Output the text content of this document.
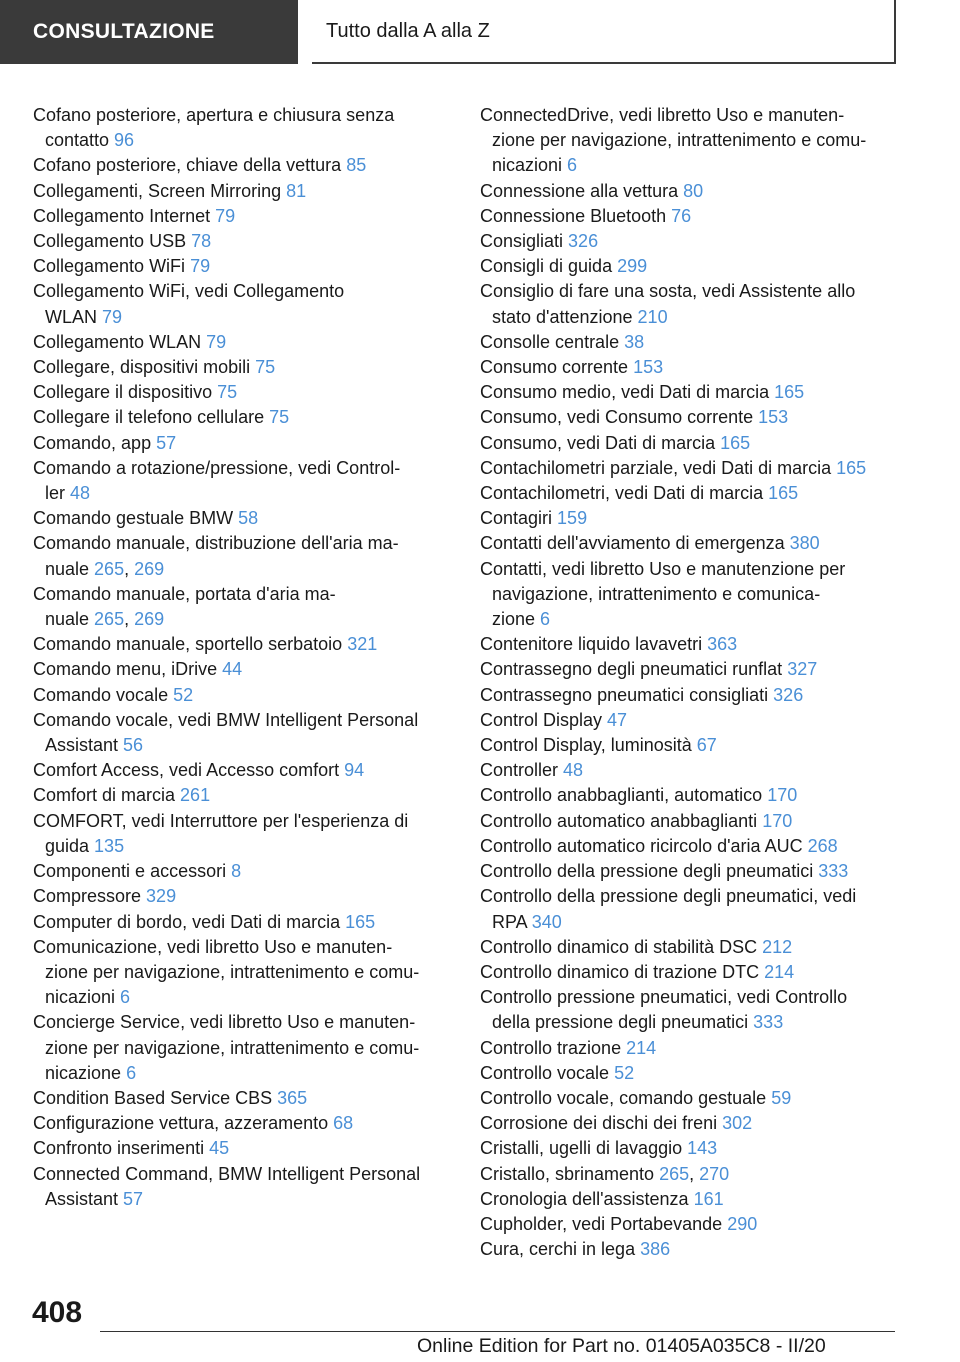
CONSULTAZIONE	Tutto dalla A alla Z
Cofano posteriore, apertura e chiusura senza
contatto 96
Cofano posteriore, chiave della vettura 85
Collegamenti, Screen Mirroring 81
Collegamento Internet 79
Collegamento USB 78
Collegamento WiFi 79
Collegamento WiFi, vedi Collegamento
WLAN 79
Collegamento WLAN 79
Collegare, dispositivi mobili 75
Collegare il dispositivo 75
Collegare il telefono cellulare 75
Comando, app 57
Comando a rotazione/pressione, vedi Control‐
ler 48
Comando gestuale BMW 58
Comando manuale, distribuzione dell'aria ma‐
nuale 265, 269
Comando manuale, portata d'aria ma‐
nuale 265, 269
Comando manuale, sportello serbatoio 321
Comando menu, iDrive 44
Comando vocale 52
Comando vocale, vedi BMW Intelligent Personal
Assistant 56
Comfort Access, vedi Accesso comfort 94
Comfort di marcia 261
COMFORT, vedi Interruttore per l'esperienza di
guida 135
Componenti e accessori 8
Compressore 329
Computer di bordo, vedi Dati di marcia 165
Comunicazione, vedi libretto Uso e manuten‐
zione per navigazione, intrattenimento e comu‐
nicazioni 6
Concierge Service, vedi libretto Uso e manuten‐
zione per navigazione, intrattenimento e comu‐
nicazione 6
Condition Based Service CBS 365
Configurazione vettura, azzeramento 68
Confronto inserimenti 45
Connected Command, BMW Intelligent Personal
Assistant 57
ConnectedDrive, vedi libretto Uso e manuten‐
zione per navigazione, intrattenimento e comu‐
nicazioni 6
Connessione alla vettura 80
Connessione Bluetooth 76
Consigliati 326
Consigli di guida 299
Consiglio di fare una sosta, vedi Assistente allo
stato d'attenzione 210
Consolle centrale 38
Consumo corrente 153
Consumo medio, vedi Dati di marcia 165
Consumo, vedi Consumo corrente 153
Consumo, vedi Dati di marcia 165
Contachilometri parziale, vedi Dati di marcia 165
Contachilometri, vedi Dati di marcia 165
Contagiri 159
Contatti dell'avviamento di emergenza 380
Contatti, vedi libretto Uso e manutenzione per
navigazione, intrattenimento e comunica‐
zione 6
Contenitore liquido lavavetri 363
Contrassegno degli pneumatici runflat 327
Contrassegno pneumatici consigliati 326
Control Display 47
Control Display, luminosità 67
Controller 48
Controllo anabbaglianti, automatico 170
Controllo automatico anabbaglianti 170
Controllo automatico ricircolo d'aria AUC 268
Controllo della pressione degli pneumatici 333
Controllo della pressione degli pneumatici, vedi
RPA 340
Controllo dinamico di stabilità DSC 212
Controllo dinamico di trazione DTC 214
Controllo pressione pneumatici, vedi Controllo
della pressione degli pneumatici 333
Controllo trazione 214
Controllo vocale 52
Controllo vocale, comando gestuale 59
Corrosione dei dischi dei freni 302
Cristalli, ugelli di lavaggio 143
Cristallo, sbrinamento 265, 270
Cronologia dell'assistenza 161
Cupholder, vedi Portabevande 290
Cura, cerchi in lega 386
408
Online Edition for Part no. 01405A035C8 - II/20
